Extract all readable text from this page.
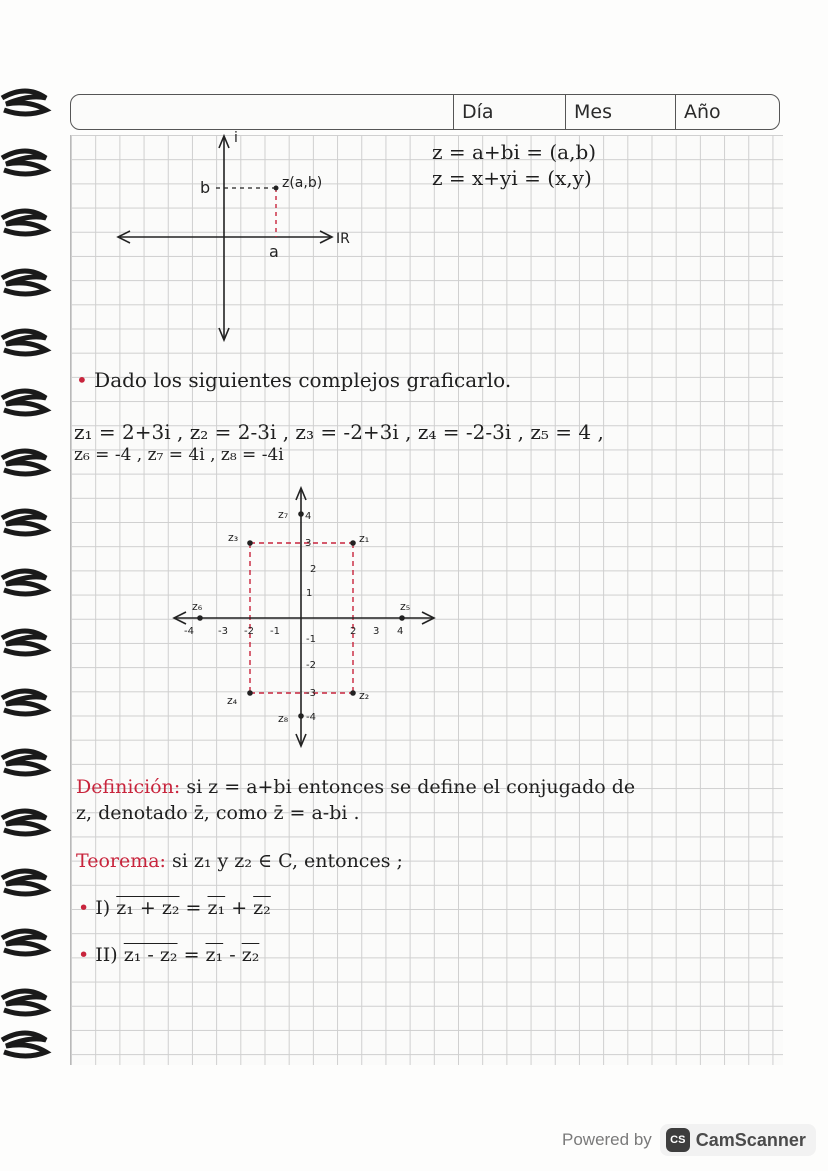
Día	Mes	Año
i
IR
b
a
z(a,b)
z = a+bi = (a,b)
z = x+yi = (x,y)
• Dado los siguientes complejos graficarlo.
z₁ = 2+3i , z₂ = 2-3i , z₃ = -2+3i , z₄ = -2-3i , z₅ = 4 ,
z₆ = -4 , z₇ = 4i , z₈ = -4i
-4 -3 -2 -1	2 3 4
4
3
2
1
-1
-2
-3
-4
z₁
z₂
z₃
z₄
z₅
z₆
z₇
z₈
Definición: si z = a+bi entonces se define el conjugado de
z, denotado z̄, como z̄ = a-bi .
Teorema: si z₁ y z₂ ∈ C, entonces ;
• I) z₁ + z₂ = z₁ + z₂
• II) z₁ - z₂ = z₁ - z₂
Powered by	CS CamScanner
